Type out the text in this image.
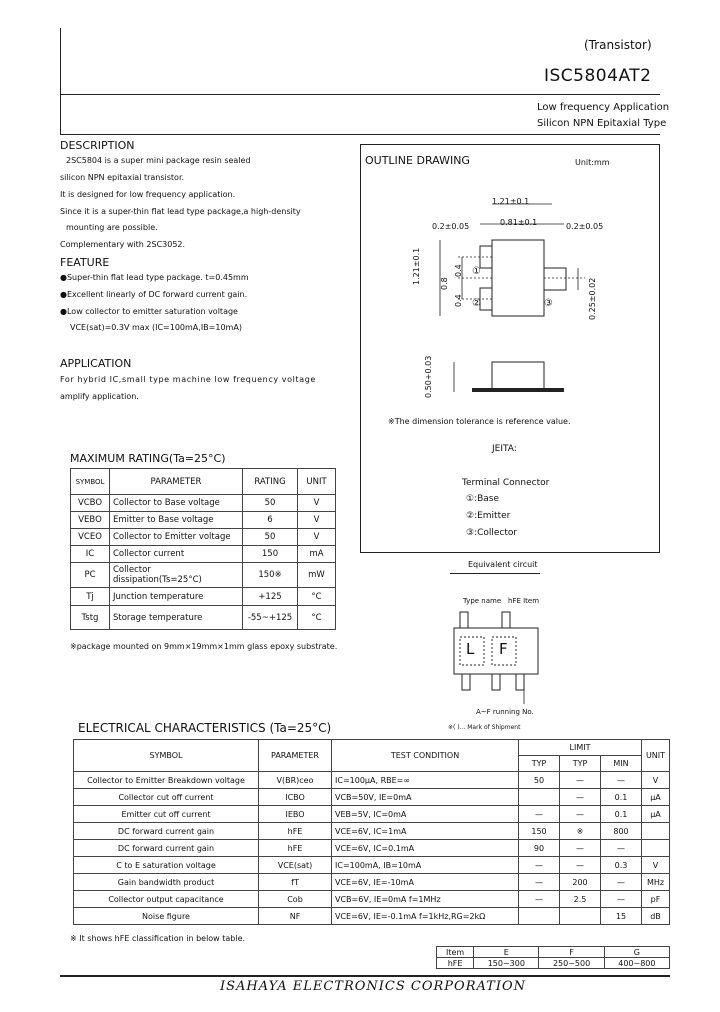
(Transistor)
ISC5804AT2
Low frequency Application
Silicon NPN Epitaxial Type
DESCRIPTION
2SC5804 is a super mini package resin sealed
silicon NPN epitaxial transistor.
It is designed for low frequency application.
Since it is a super-thin flat lead type package,a high-density
mounting are possible.
Complementary with 2SC3052.
FEATURE
●Super-thin flat lead type package. t=0.45mm
●Excellent linearly of DC forward current gain.
●Low collector to emitter saturation voltage
VCE(sat)=0.3V max (IC=100mA,IB=10mA)
APPLICATION
For hybrid IC,small type machine low frequency voltage
amplify application.
OUTLINE DRAWING	Unit:mm
1.21±0.1
0.81±0.1
0.2±0.05	0.2±0.05
1.21±0.1 0.8
0.4
0.4	0.25±0.02
0.50+0.03
①
②	③
※The dimension tolerance is reference value.
JEITA:
Terminal Connector
①:Base
②:Emitter
③:Collector
Equivalent circuit
Type name hFE Item
L F
A~F running No.
※( )... Mark of Shipment
MAXIMUM RATING(Ta=25°C)
SYMBOL	PARAMETER	RATING	UNIT
VCBO	Collector to Base voltage	50	V
VEBO	Emitter to Base voltage	6	V
VCEO	Collector to Emitter voltage	50	V
IC	Collector current	150	mA
PC	Collector dissipation(Ts=25°C)	150※	mW
Tj	Junction temperature	+125	°C
Tstg	Storage temperature	-55~+125	°C
※package mounted on 9mm×19mm×1mm glass epoxy substrate.
ELECTRICAL CHARACTERISTICS (Ta=25°C)
SYMBOL	PARAMETER	TEST CONDITION	LIMIT			UNIT
			TYP	TYP	MIN	
Collector to Emitter Breakdown voltage	V(BR)ceo	IC=100μA, RBE=∞	50	—	—	V
Collector cut off current	ICBO	VCB=50V, IE=0mA		—	0.1	μA
Emitter cut off current	IEBO	VEB=5V, IC=0mA	—	—	0.1	μA
DC forward current gain	hFE	VCE=6V, IC=1mA	150	※	800	
DC forward current gain	hFE	VCE=6V, IC=0.1mA	90	—	—	
C to E saturation voltage	VCE(sat)	IC=100mA, IB=10mA	—	—	0.3	V
Gain bandwidth product	fT	VCE=6V, IE=-10mA	—	200	—	MHz
Collector output capacitance	Cob	VCB=6V, IE=0mA f=1MHz	—	2.5	—	pF
Noise figure	NF	VCE=6V, IE=-0.1mA f=1kHz,RG=2kΩ			15	dB
※ It shows hFE classification in below table.
Item	E	F	G
hFE	150~300	250~500	400~800
ISAHAYA ELECTRONICS CORPORATION
